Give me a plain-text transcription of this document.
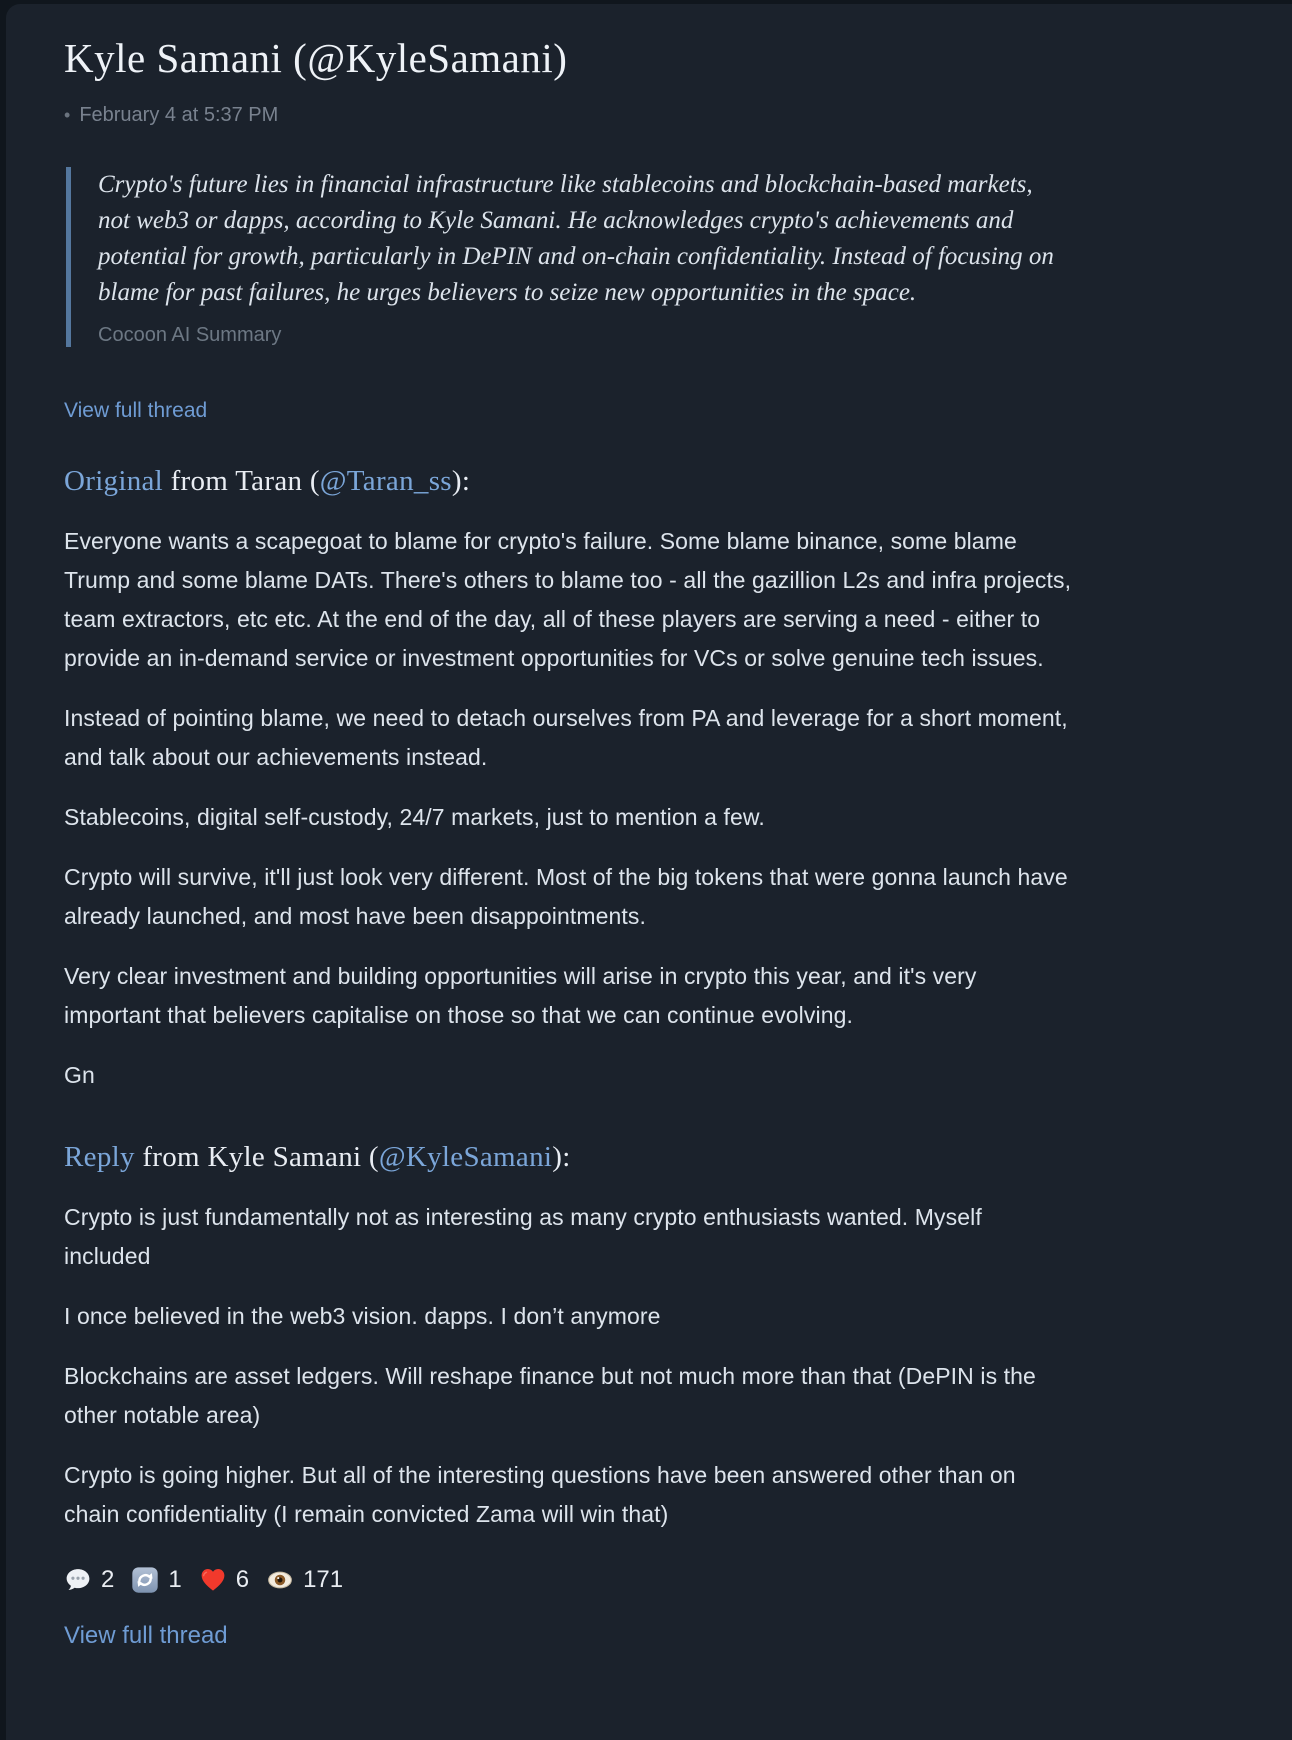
Kyle Samani (@KyleSamani)
• February 4 at 5:37 PM

Crypto's future lies in financial infrastructure like stablecoins and blockchain-based markets, not web3 or dapps, according to Kyle Samani. He acknowledges crypto's achievements and potential for growth, particularly in DePIN and on-chain confidentiality. Instead of focusing on blame for past failures, he urges believers to seize new opportunities in the space.

Cocoon AI Summary
View full thread
Original from Taran (@Taran_ss):

Everyone wants a scapegoat to blame for crypto's failure. Some blame binance, some blame Trump and some blame DATs. There's others to blame too - all the gazillion L2s and infra projects, team extractors, etc etc. At the end of the day, all of these players are serving a need - either to provide an in-demand service or investment opportunities for VCs or solve genuine tech issues.

Instead of pointing blame, we need to detach ourselves from PA and leverage for a short moment, and talk about our achievements instead.

Stablecoins, digital self-custody, 24/7 markets, just to mention a few.

Crypto will survive, it'll just look very different. Most of the big tokens that were gonna launch have already launched, and most have been disappointments.

Very clear investment and building opportunities will arise in crypto this year, and it's very important that believers capitalise on those so that we can continue evolving.

Gn

Reply from Kyle Samani (@KyleSamani):

Crypto is just fundamentally not as interesting as many crypto enthusiasts wanted. Myself included

I once believed in the web3 vision. dapps. I don’t anymore

Blockchains are asset ledgers. Will reshape finance but not much more than that (DePIN is the other notable area)

Crypto is going higher. But all of the interesting questions have been answered other than on chain confidentiality (I remain convicted Zama will win that)

2 1 6 171
View full thread
